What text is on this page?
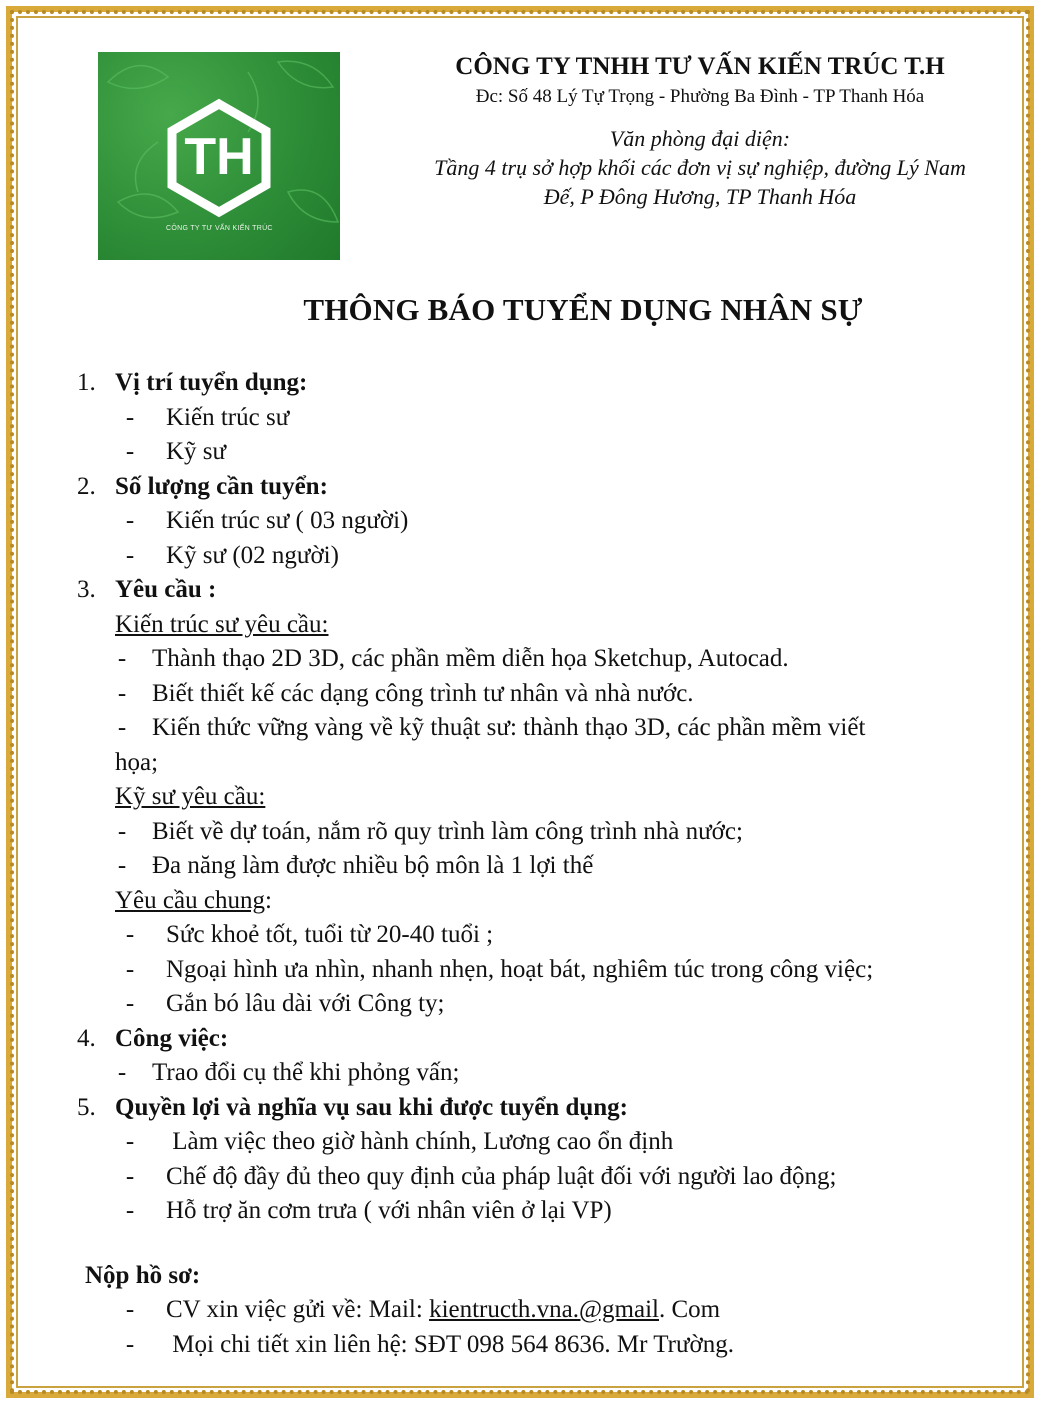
TH
CÔNG TY TƯ VẤN KIẾN TRÚC
CÔNG TY TNHH TƯ VẤN KIẾN TRÚC T.H
Đc: Số 48 Lý Tự Trọng - Phường Ba Đình - TP Thanh Hóa
Văn phòng đại diện:
Tầng 4 trụ sở hợp khối các đơn vị sự nghiệp, đường Lý Nam
Đế, P Đông Hương, TP Thanh Hóa
THÔNG BÁO TUYỂN DỤNG NHÂN SỰ
1. Vị trí tuyển dụng:
- Kiến trúc sư
- Kỹ sư
2. Số lượng cần tuyển:
- Kiến trúc sư ( 03 người)
- Kỹ sư (02 người)
3. Yêu cầu :
Kiến trúc sư yêu cầu:
- Thành thạo 2D 3D, các phần mềm diễn họa Sketchup, Autocad.
- Biết thiết kế các dạng công trình tư nhân và nhà nước.
- Kiến thức vững vàng về kỹ thuật sư: thành thạo 3D, các phần mềm viết
họa;
Kỹ sư yêu cầu:
- Biết về dự toán, nắm rõ quy trình làm công trình nhà nước;
- Đa năng làm được nhiều bộ môn là 1 lợi thế
Yêu cầu chung:
- Sức khoẻ tốt, tuổi từ 20-40 tuổi ;
- Ngoại hình ưa nhìn, nhanh nhẹn, hoạt bát, nghiêm túc trong công việc;
- Gắn bó lâu dài với Công ty;
4. Công việc:
- Trao đổi cụ thể khi phỏng vấn;
5. Quyền lợi và nghĩa vụ sau khi được tuyển dụng:
- Làm việc theo giờ hành chính, Lương cao ổn định
- Chế độ đầy đủ theo quy định của pháp luật đối với người lao động;
- Hỗ trợ ăn cơm trưa ( với nhân viên ở lại VP)
Nộp hồ sơ:
- CV xin việc gửi về: Mail: kientructh.vna.@gmail. Com
- Mọi chi tiết xin liên hệ: SĐT 098 564 8636. Mr Trường.
